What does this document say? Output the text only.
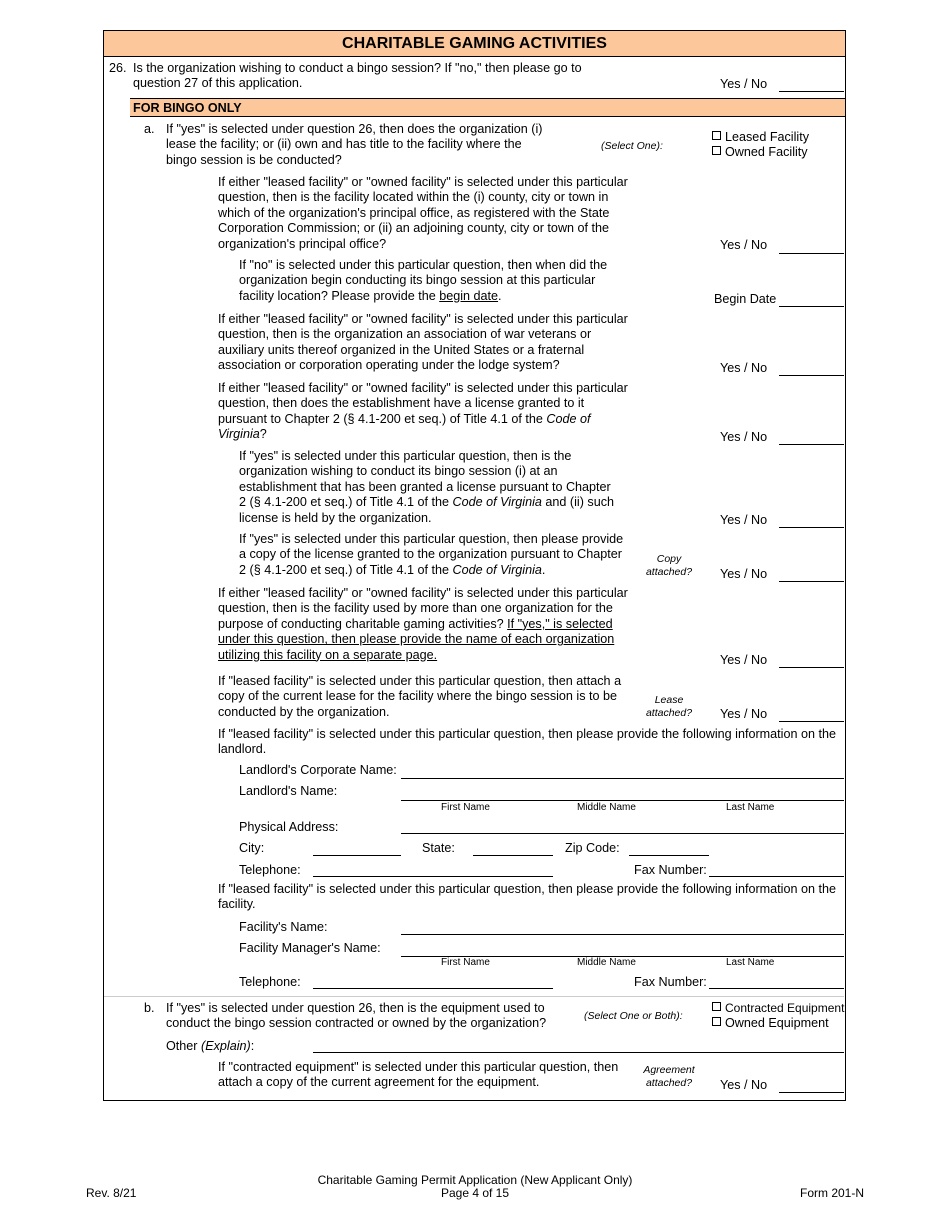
CHARITABLE GAMING ACTIVITIES
26. Is the organization wishing to conduct a bingo session? If "no," then please go to question 27 of this application.	Yes / No
FOR BINGO ONLY
a. If "yes" is selected under question 26, then does the organization (i) lease the facility; or (ii) own and has title to the facility where the bingo session is be conducted?
(Select One):
Leased Facility
Owned Facility
If either "leased facility" or "owned facility" is selected under this particular question, then is the facility located within the (i) county, city or town in which of the organization's principal office, as registered with the State Corporation Commission; or (ii) an adjoining county, city or town of the organization's principal office?	Yes / No
If "no" is selected under this particular question, then when did the organization begin conducting its bingo session at this particular facility location? Please provide the begin date.	Begin Date
If either "leased facility" or "owned facility" is selected under this particular question, then is the organization an association of war veterans or auxiliary units thereof organized in the United States or a fraternal association or corporation operating under the lodge system?	Yes / No
If either "leased facility" or "owned facility" is selected under this particular question, then does the establishment have a license granted to it pursuant to Chapter 2 (§ 4.1-200 et seq.) of Title 4.1 of the Code of Virginia?	Yes / No
If "yes" is selected under this particular question, then is the organization wishing to conduct its bingo session (i) at an establishment that has been granted a license pursuant to Chapter 2 (§ 4.1-200 et seq.) of Title 4.1 of the Code of Virginia and (ii) such license is held by the organization.	Yes / No
If "yes" is selected under this particular question, then please provide a copy of the license granted to the organization pursuant to Chapter 2 (§ 4.1-200 et seq.) of Title 4.1 of the Code of Virginia.
Copy attached? Yes / No
If either "leased facility" or "owned facility" is selected under this particular question, then is the facility used by more than one organization for the purpose of conducting charitable gaming activities? If "yes," is selected under this question, then please provide the name of each organization utilizing this facility on a separate page.	Yes / No
If "leased facility" is selected under this particular question, then attach a copy of the current lease for the facility where the bingo session is to be conducted by the organization.
Lease attached? Yes / No
If "leased facility" is selected under this particular question, then please provide the following information on the landlord.
Landlord's Corporate Name:
Landlord's Name:
First Name	Middle Name	Last Name
Physical Address:
City:	State:	Zip Code:
Telephone:	Fax Number:
If "leased facility" is selected under this particular question, then please provide the following information on the facility.
Facility's Name:
Facility Manager's Name:
First Name	Middle Name	Last Name
Telephone:	Fax Number:
b. If "yes" is selected under question 26, then is the equipment used to conduct the bingo session contracted or owned by the organization?
(Select One or Both):
Contracted Equipment
Owned Equipment
Other (Explain):
If "contracted equipment" is selected under this particular question, then attach a copy of the current agreement for the equipment.
Agreement attached?	Yes / No
Rev. 8/21
Charitable Gaming Permit Application (New Applicant Only)
Page 4 of 15	Form 201-N
